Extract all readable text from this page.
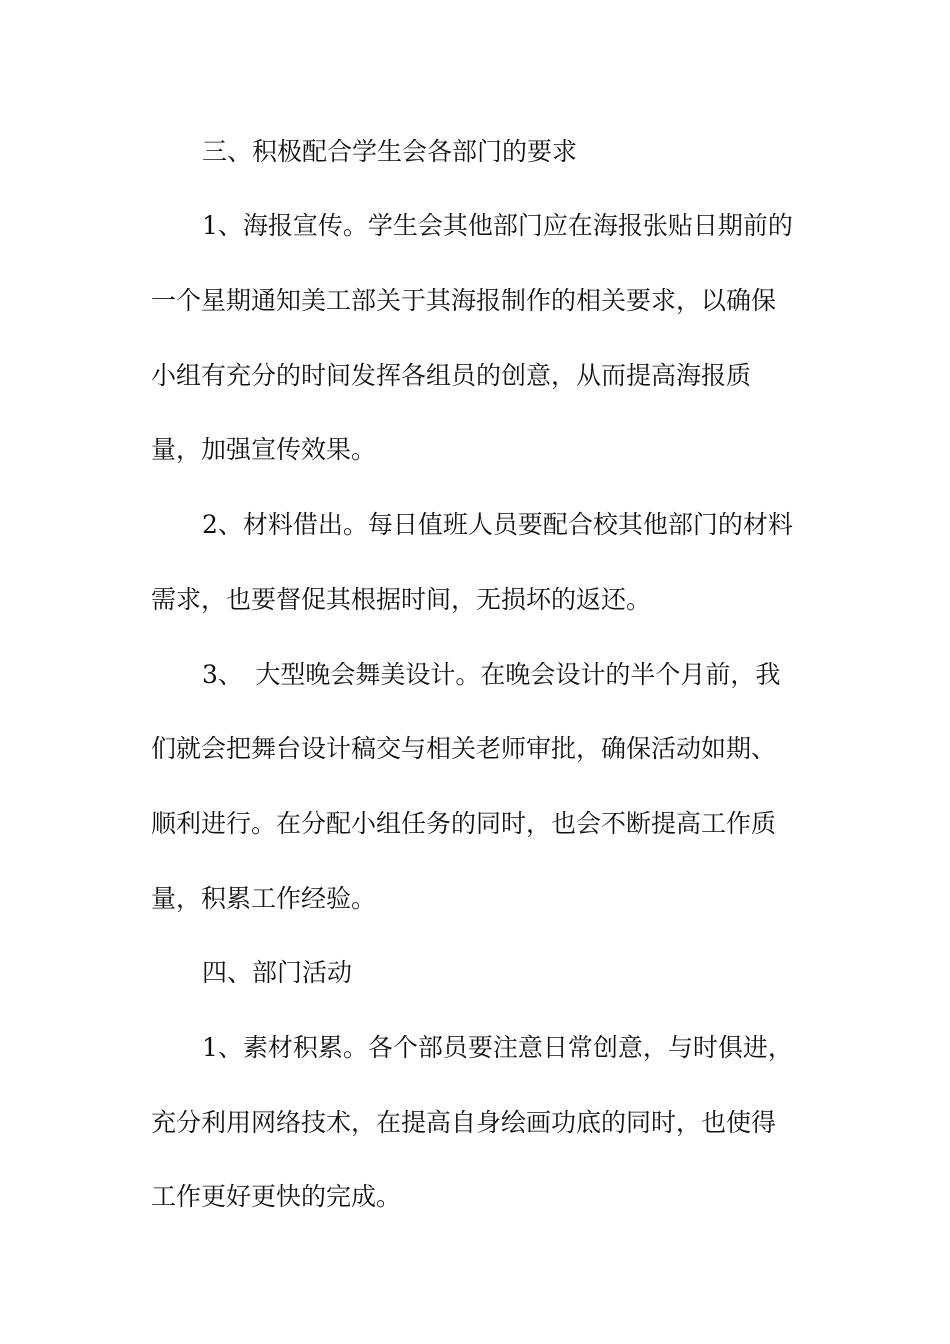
三、积极配合学生会各部门的要求
1、海报宣传。学生会其他部门应在海报张贴日期前的
一个星期通知美工部关于其海报制作的相关要求，以确保
小组有充分的时间发挥各组员的创意，从而提高海报质
量，加强宣传效果。
2、材料借出。每日值班人员要配合校其他部门的材料
需求，也要督促其根据时间，无损坏的返还。
3、　大型晚会舞美设计。在晚会设计的半个月前，我
们就会把舞台设计稿交与相关老师审批，确保活动如期、
顺利进行。在分配小组任务的同时，也会不断提高工作质
量，积累工作经验。
四、部门活动
1、素材积累。各个部员要注意日常创意，与时俱进，
充分利用网络技术，在提高自身绘画功底的同时，也使得
工作更好更快的完成。
